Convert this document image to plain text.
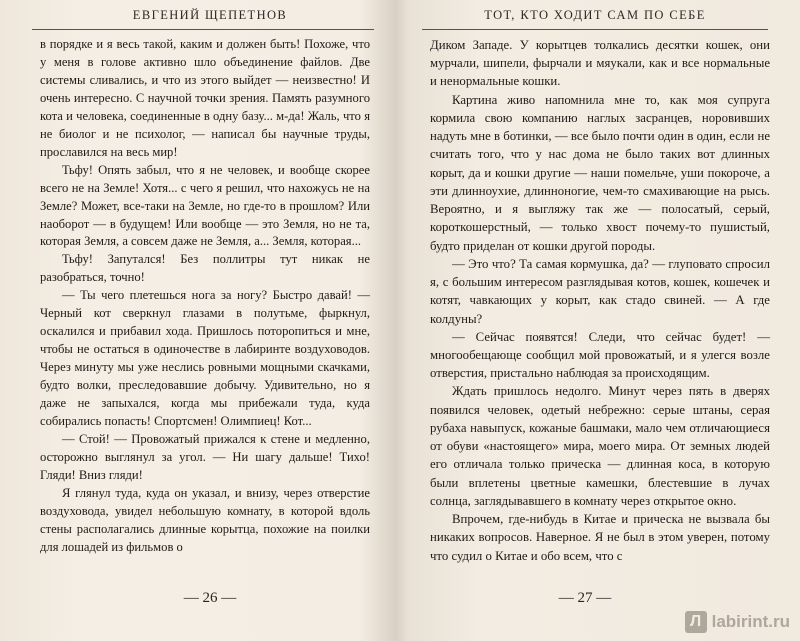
ЕВГЕНИЙ ЩЕПЕТНОВ

в порядке и я весь такой, каким и должен быть! Похоже, что у меня в голове активно шло объединение файлов. Две системы сливались, и что из этого выйдет — неизвестно! И очень интересно. С научной точки зрения. Память разумного кота и человека, соединенные в одну базу... м-да! Жаль, что я не биолог и не психолог, — написал бы научные труды, прославился на весь мир!

Тьфу! Опять забыл, что я не человек, и вообще скорее всего не на Земле! Хотя... с чего я решил, что нахожусь не на Земле? Может, все-таки на Земле, но где-то в прошлом? Или наоборот — в будущем! Или вообще — это Земля, но не та, которая Земля, а совсем даже не Земля, а... Земля, которая...

Тьфу! Запутался! Без поллитры тут никак не разобраться, точно!

— Ты чего плетешься нога за ногу? Быстро давай! — Черный кот сверкнул глазами в полутьме, фыркнул, оскалился и прибавил хода. Пришлось поторопиться и мне, чтобы не остаться в одиночестве в лабиринте воздуховодов. Через минуту мы уже неслись ровными мощными скачками, будто волки, преследовавшие добычу. Удивительно, но я даже не запыхался, когда мы прибежали туда, куда собирались попасть! Спортсмен! Олимпиец! Кот...

— Стой! — Провожатый прижался к стене и медленно, осторожно выглянул за угол. — Ни шагу дальше! Тихо! Гляди! Вниз гляди!

Я глянул туда, куда он указал, и внизу, через отверстие воздуховода, увидел небольшую комнату, в которой вдоль стены располагались длинные корытца, похожие на поилки для лошадей из фильмов о

— 26 —
ТОТ, КТО ХОДИТ САМ ПО СЕБЕ

Диком Западе. У корытцев толкались десятки кошек, они мурчали, шипели, фырчали и мяукали, как и все нормальные и ненормальные кошки.

Картина живо напомнила мне то, как моя супруга кормила свою компанию наглых засранцев, норовивших надуть мне в ботинки, — все было почти один в один, если не считать того, что у нас дома не было таких вот длинных корыт, да и кошки другие — наши помельче, уши покороче, а эти длинноухие, длинноногие, чем-то смахивающие на рысь. Вероятно, и я выгляжу так же — полосатый, серый, короткошерстный, — только хвост почему-то пушистый, будто приделан от кошки другой породы.

— Это что? Та самая кормушка, да? — глуповато спросил я, с большим интересом разглядывая котов, кошек, кошечек и котят, чавкающих у корыт, как стадо свиней. — А где колдуны?

— Сейчас появятся! Следи, что сейчас будет! — многообещающе сообщил мой провожатый, и я улегся возле отверстия, пристально наблюдая за происходящим.

Ждать пришлось недолго. Минут через пять в дверях появился человек, одетый небрежно: серые штаны, серая рубаха навыпуск, кожаные башмаки, мало чем отличающиеся от обуви «настоящего» мира, моего мира. От земных людей его отличала только прическа — длинная коса, в которую были вплетены цветные камешки, блестевшие в лучах солнца, заглядывавшего в комнату через открытое окно.

Впрочем, где-нибудь в Китае и прическа не вызвала бы никаких вопросов. Наверное. Я не был в этом уверен, потому что судил о Китае и обо всем, что с

— 27 —
Л labirint.ru
